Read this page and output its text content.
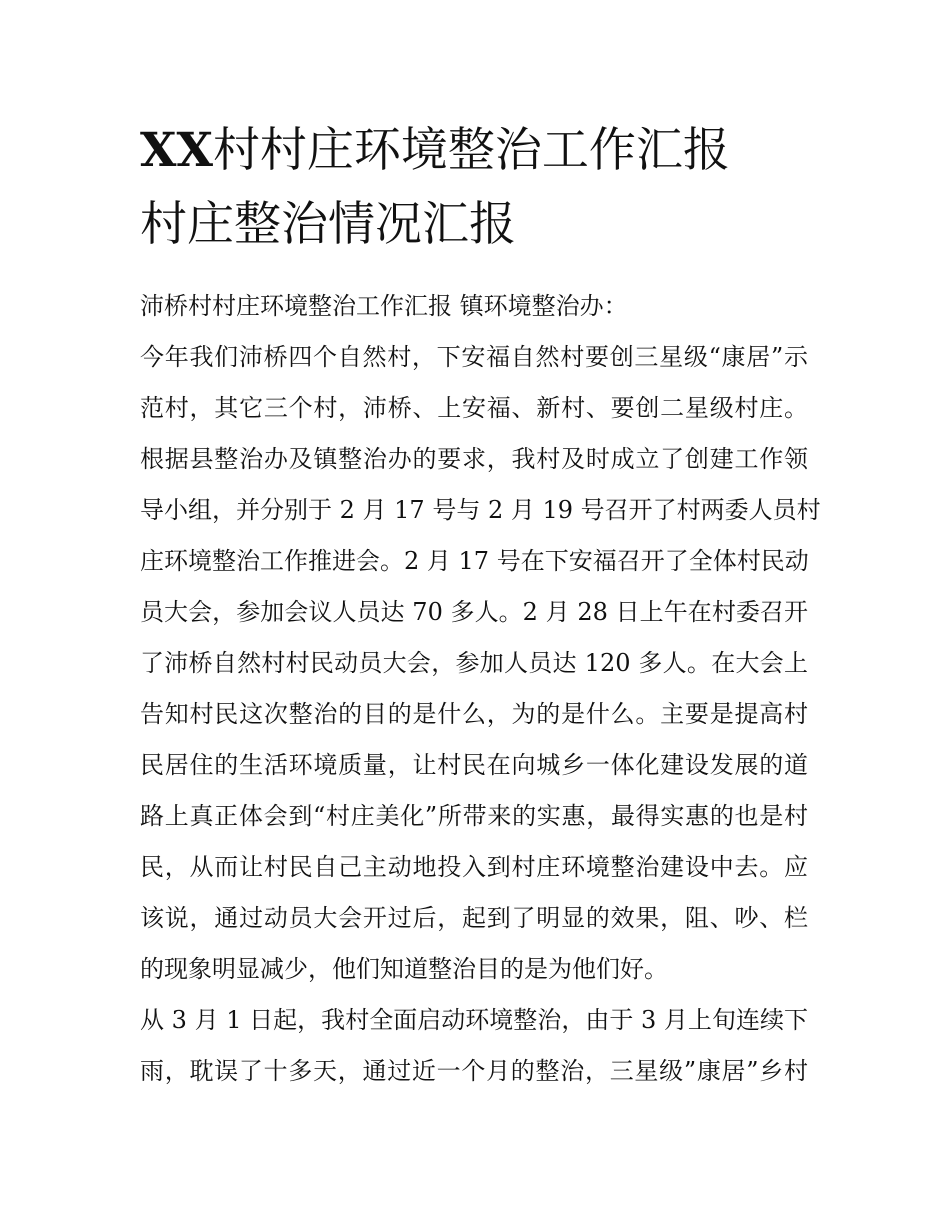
XX村村庄环境整治工作汇报
村庄整治情况汇报
沛桥村村庄环境整治工作汇报 镇环境整治办：
今年我们沛桥四个自然村，下安福自然村要创三星级“康居”示
范村，其它三个村，沛桥、上安福、新村、要创二星级村庄。
根据县整治办及镇整治办的要求，我村及时成立了创建工作领
导小组，并分别于 2 月 17 号与 2 月 19 号召开了村两委人员村
庄环境整治工作推进会。2 月 17 号在下安福召开了全体村民动
员大会，参加会议人员达 70 多人。2 月 28 日上午在村委召开
了沛桥自然村村民动员大会，参加人员达 120 多人。在大会上
告知村民这次整治的目的是什么，为的是什么。主要是提高村
民居住的生活环境质量，让村民在向城乡一体化建设发展的道
路上真正体会到“村庄美化”所带来的实惠，最得实惠的也是村
民，从而让村民自己主动地投入到村庄环境整治建设中去。应
该说，通过动员大会开过后，起到了明显的效果，阻、吵、栏
的现象明显减少，他们知道整治目的是为他们好。
从 3 月 1 日起，我村全面启动环境整治，由于 3 月上旬连续下
雨，耽误了十多天，通过近一个月的整治，三星级”康居”乡村
